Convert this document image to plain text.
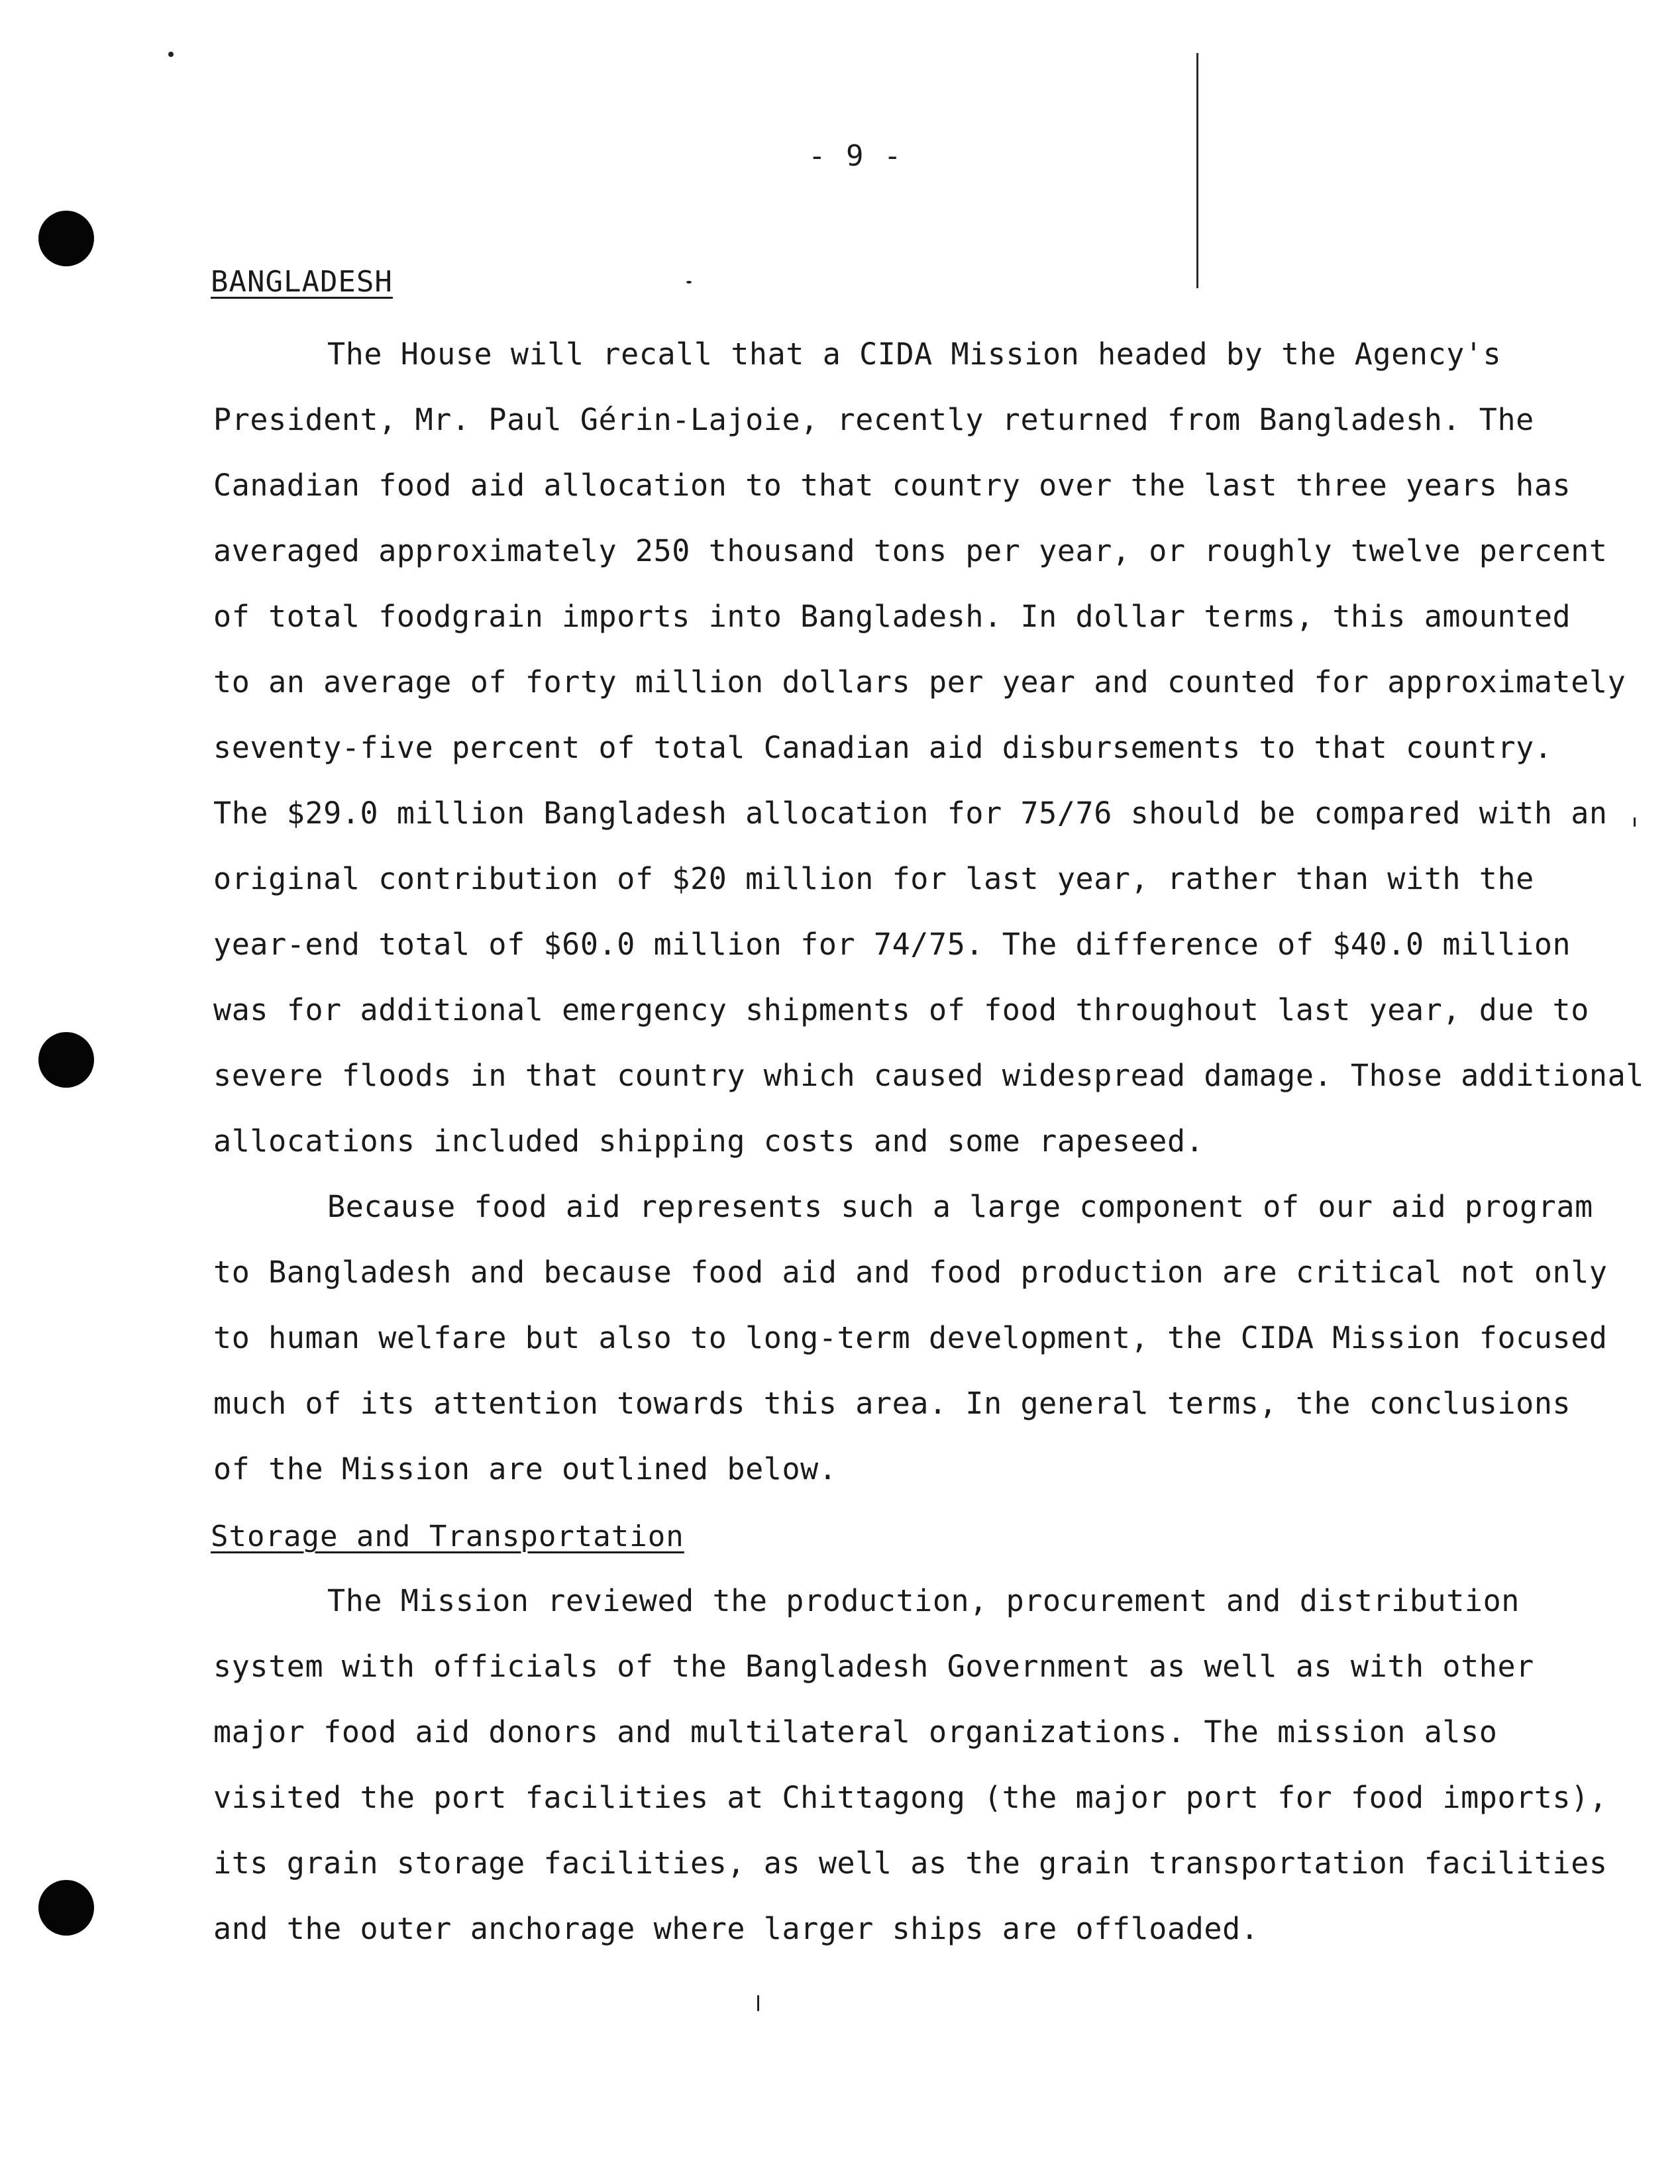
- 9 -
BANGLADESH
The House will recall that a CIDA Mission headed by the Agency's
President, Mr. Paul Gérin-Lajoie, recently returned from Bangladesh. The
Canadian food aid allocation to that country over the last three years has
averaged approximately 250 thousand tons per year, or roughly twelve percent
of total foodgrain imports into Bangladesh. In dollar terms, this amounted
to an average of forty million dollars per year and counted for approximately
seventy-five percent of total Canadian aid disbursements to that country.
The $29.0 million Bangladesh allocation for 75/76 should be compared with an
original contribution of $20 million for last year, rather than with the
year-end total of $60.0 million for 74/75. The difference of $40.0 million
was for additional emergency shipments of food throughout last year, due to
severe floods in that country which caused widespread damage. Those additional
allocations included shipping costs and some rapeseed.
Because food aid represents such a large component of our aid program
to Bangladesh and because food aid and food production are critical not only
to human welfare but also to long-term development, the CIDA Mission focused
much of its attention towards this area. In general terms, the conclusions
of the Mission are outlined below.
Storage and Transportation
The Mission reviewed the production, procurement and distribution
system with officials of the Bangladesh Government as well as with other
major food aid donors and multilateral organizations. The mission also
visited the port facilities at Chittagong (the major port for food imports),
its grain storage facilities, as well as the grain transportation facilities
and the outer anchorage where larger ships are offloaded.
